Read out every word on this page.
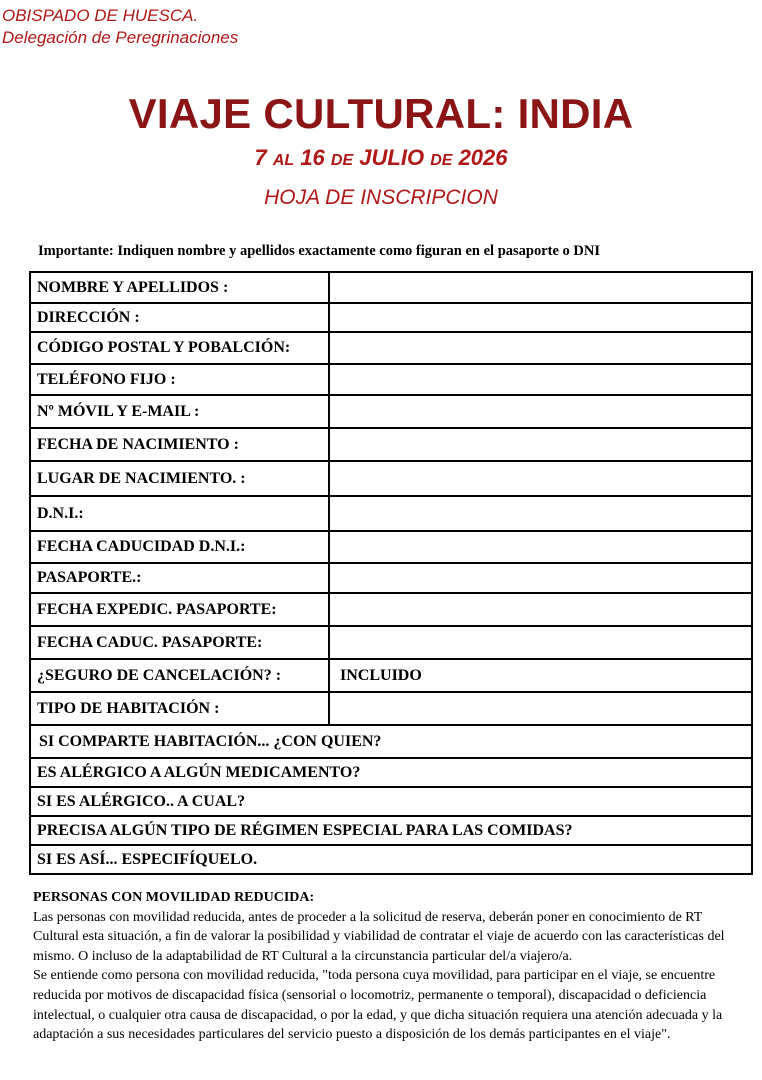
OBISPADO DE HUESCA.
Delegación de Peregrinaciones
VIAJE CULTURAL: INDIA
7 AL 16 DE JULIO DE 2026
HOJA DE INSCRIPCION
Importante: Indiquen nombre y apellidos exactamente como figuran en el pasaporte o DNI
NOMBRE Y APELLIDOS :
DIRECCIÓN :
CÓDIGO POSTAL Y POBALCIÓN:
TELÉFONO FIJO :
Nº MÓVIL Y E-MAIL :
FECHA DE NACIMIENTO :
LUGAR DE NACIMIENTO. :
D.N.I.:
FECHA CADUCIDAD D.N.I.:
PASAPORTE.:
FECHA EXPEDIC. PASAPORTE:
FECHA CADUC. PASAPORTE:
¿SEGURO DE CANCELACIÓN? :	INCLUIDO
TIPO DE HABITACIÓN :
SI COMPARTE HABITACIÓN... ¿CON QUIEN?
ES ALÉRGICO A ALGÚN MEDICAMENTO?
SI ES ALÉRGICO.. A CUAL?
PRECISA ALGÚN TIPO DE RÉGIMEN ESPECIAL PARA LAS COMIDAS?
SI ES ASÍ... ESPECIFÍQUELO.
PERSONAS CON MOVILIDAD REDUCIDA:

Las personas con movilidad reducida, antes de proceder a la solicitud de reserva, deberán poner en conocimiento de RT Cultural esta situación, a fin de valorar la posibilidad y viabilidad de contratar el viaje de acuerdo con las características del mismo. O incluso de la adaptabilidad de RT Cultural a la circunstancia particular del/a viajero/a.

Se entiende como persona con movilidad reducida, "toda persona cuya movilidad, para participar en el viaje, se encuentre reducida por motivos de discapacidad física (sensorial o locomotriz, permanente o temporal), discapacidad o deficiencia intelectual, o cualquier otra causa de discapacidad, o por la edad, y que dicha situación requiera una atención adecuada y la adaptación a sus necesidades particulares del servicio puesto a disposición de los demás participantes en el viaje".
